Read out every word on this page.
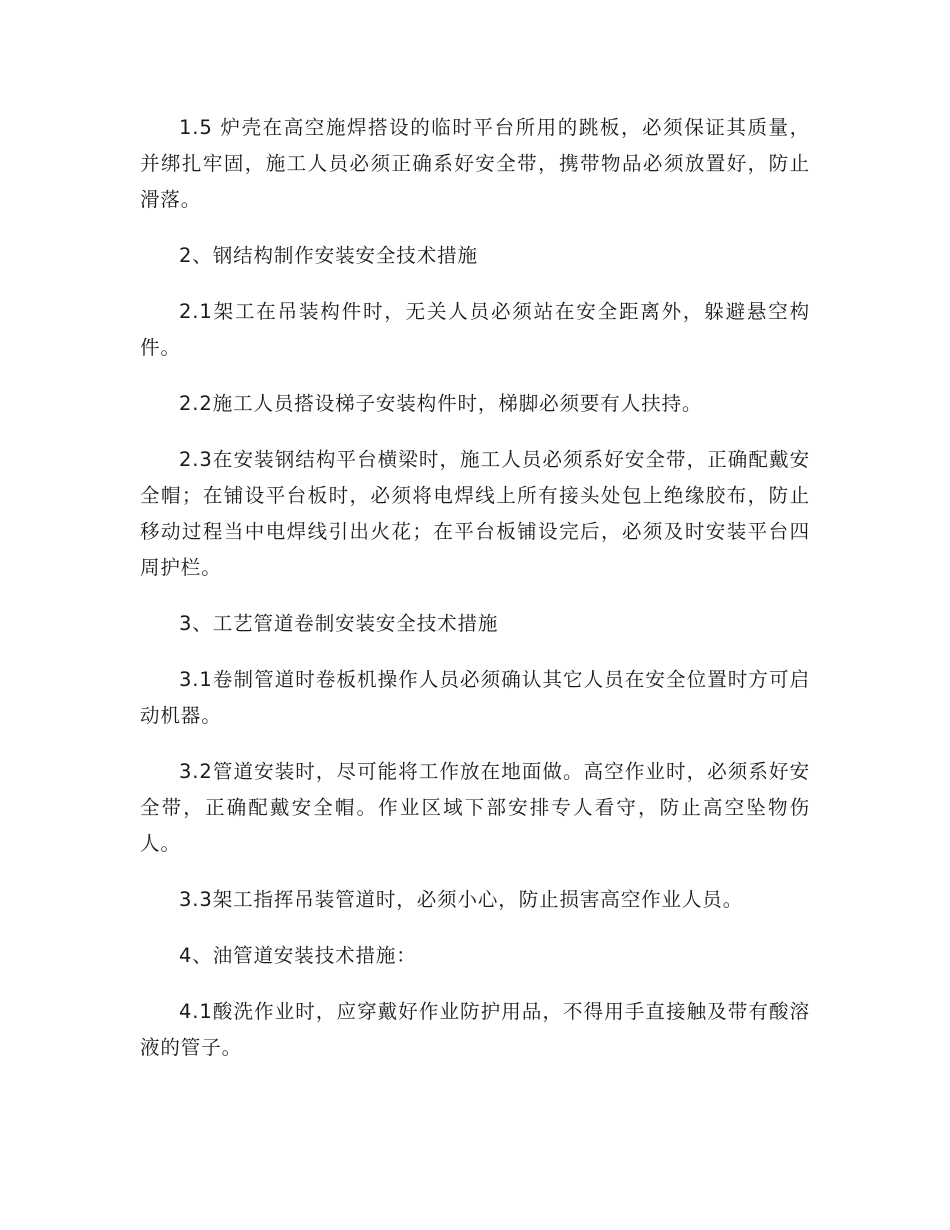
1.5 炉壳在高空施焊搭设的临时平台所用的跳板，必须保证其质量，并绑扎牢固，施工人员必须正确系好安全带，携带物品必须放置好，防止滑落。

2、钢结构制作安装安全技术措施

2.1架工在吊装构件时，无关人员必须站在安全距离外，躲避悬空构件。

2.2施工人员搭设梯子安装构件时，梯脚必须要有人扶持。

2.3在安装钢结构平台横梁时，施工人员必须系好安全带，正确配戴安全帽；在铺设平台板时，必须将电焊线上所有接头处包上绝缘胶布，防止移动过程当中电焊线引出火花；在平台板铺设完后，必须及时安装平台四周护栏。

3、工艺管道卷制安装安全技术措施

3.1卷制管道时卷板机操作人员必须确认其它人员在安全位置时方可启动机器。

3.2管道安装时，尽可能将工作放在地面做。高空作业时，必须系好安全带，正确配戴安全帽。作业区域下部安排专人看守，防止高空坠物伤人。

3.3架工指挥吊装管道时，必须小心，防止损害高空作业人员。

4、油管道安装技术措施：

4.1酸洗作业时，应穿戴好作业防护用品，不得用手直接触及带有酸溶液的管子。
